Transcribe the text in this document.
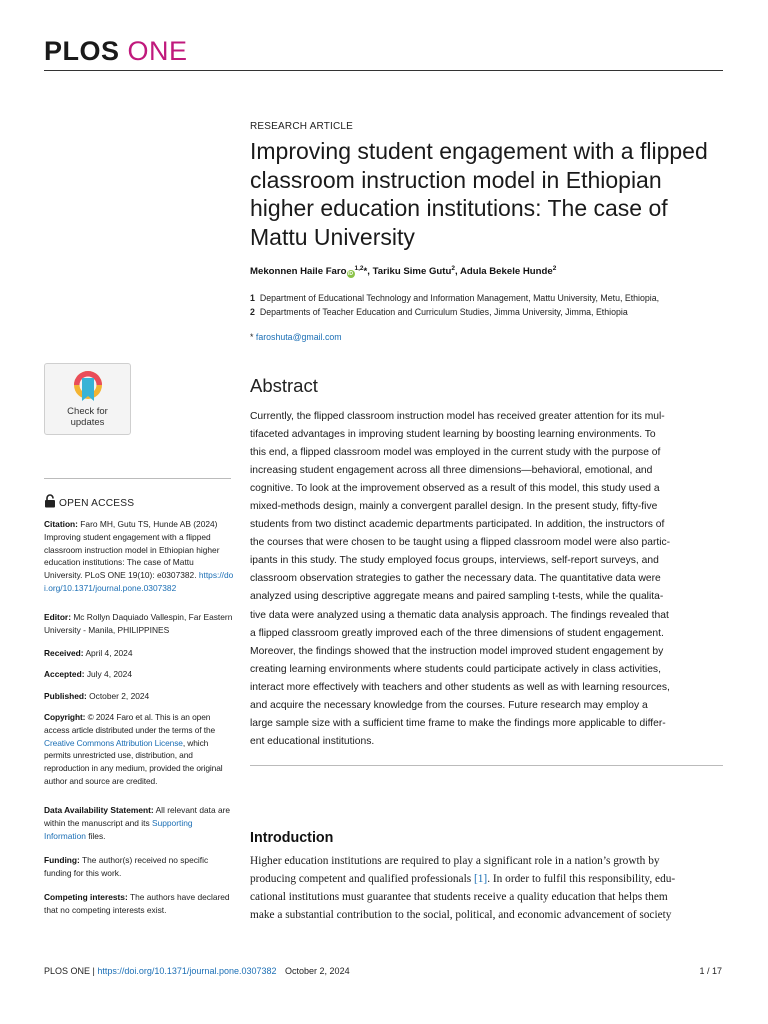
PLOS ONE
RESEARCH ARTICLE
Improving student engagement with a flipped
classroom instruction model in Ethiopian
higher education institutions: The case of
Mattu University
Mekonnen Haile Faro iD$^{1,2}$*, Tariku Sime Gutu$^2$, Adula Bekele Hunde$^2$
1 Department of Educational Technology and Information Management, Mattu University, Metu, Ethiopia,
2 Departments of Teacher Education and Curriculum Studies, Jimma University, Jimma, Ethiopia
* faroshuta@gmail.com
Check for
updates
OPEN ACCESS
Citation: Faro MH, Gutu TS, Hunde AB (2024) Improving student engagement with a flipped classroom instruction model in Ethiopian higher education institutions: The case of Mattu University. PLoS ONE 19(10): e0307382. https://doi.org/10.1371/journal.pone.0307382
Editor: Mc Rollyn Daquiado Vallespin, Far Eastern University - Manila, PHILIPPINES
Received: April 4, 2024
Accepted: July 4, 2024
Published: October 2, 2024
Copyright: © 2024 Faro et al. This is an open access article distributed under the terms of the Creative Commons Attribution License, which permits unrestricted use, distribution, and reproduction in any medium, provided the original author and source are credited.
Data Availability Statement: All relevant data are within the manuscript and its Supporting Information files.
Funding: The author(s) received no specific funding for this work.
Competing interests: The authors have declared that no competing interests exist.
Abstract
Currently, the flipped classroom instruction model has received greater attention for its mul-
tifaceted advantages in improving student learning by boosting learning environments. To
this end, a flipped classroom model was employed in the current study with the purpose of
increasing student engagement across all three dimensions—behavioral, emotional, and
cognitive. To look at the improvement observed as a result of this model, this study used a
mixed-methods design, mainly a convergent parallel design. In the present study, fifty-five
students from two distinct academic departments participated. In addition, the instructors of
the courses that were chosen to be taught using a flipped classroom model were also partic-
ipants in this study. The study employed focus groups, interviews, self-report surveys, and
classroom observation strategies to gather the necessary data. The quantitative data were
analyzed using descriptive aggregate means and paired sampling t-tests, while the qualita-
tive data were analyzed using a thematic data analysis approach. The findings revealed that
a flipped classroom greatly improved each of the three dimensions of student engagement.
Moreover, the findings showed that the instruction model improved student engagement by
creating learning environments where students could participate actively in class activities,
interact more effectively with teachers and other students as well as with learning resources,
and acquire the necessary knowledge from the courses. Future research may employ a
large sample size with a sufficient time frame to make the findings more applicable to differ-
ent educational institutions.
Introduction
Higher education institutions are required to play a significant role in a nation’s growth by
producing competent and qualified professionals [1]. In order to fulfil this responsibility, edu-
cational institutions must guarantee that students receive a quality education that helps them
make a substantial contribution to the social, political, and economic advancement of society
PLOS ONE | https://doi.org/10.1371/journal.pone.0307382 October 2, 2024	1 / 17
